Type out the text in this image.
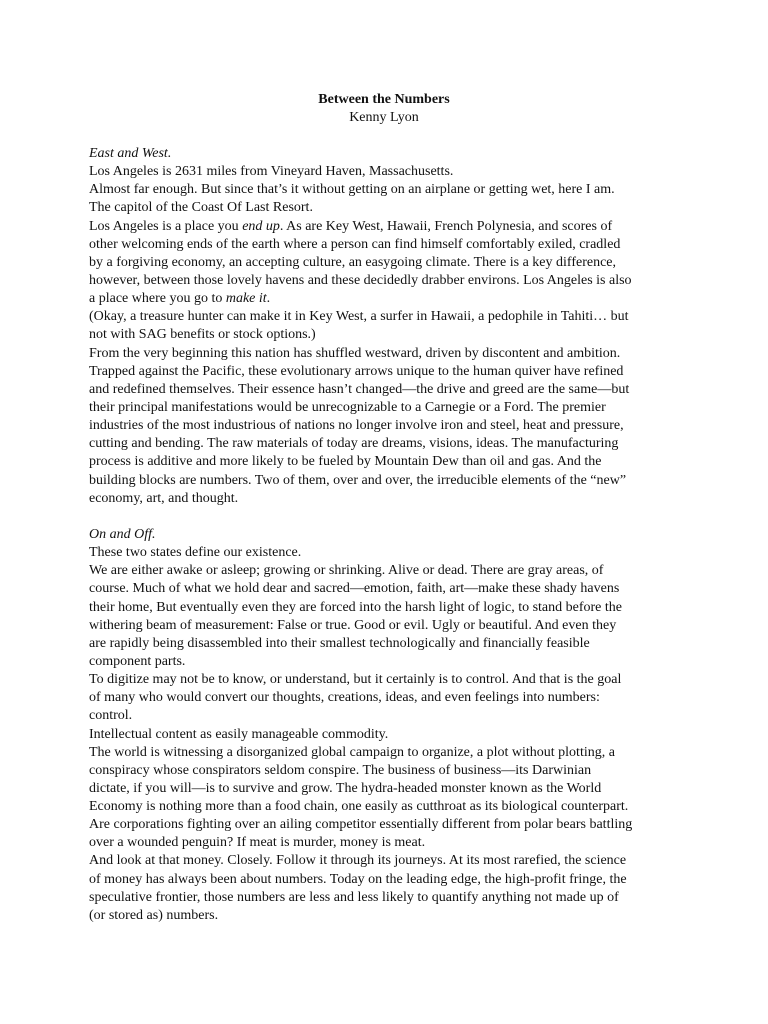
Between the Numbers

Kenny Lyon

East and West.
Los Angeles is 2631 miles from Vineyard Haven, Massachusetts.
Almost far enough. But since that’s it without getting on an airplane or getting wet, here I am.
The capitol of the Coast Of Last Resort.
Los Angeles is a place you end up. As are Key West, Hawaii, French Polynesia, and scores of
other welcoming ends of the earth where a person can find himself comfortably exiled, cradled
by a forgiving economy, an accepting culture, an easygoing climate. There is a key difference,
however, between those lovely havens and these decidedly drabber environs. Los Angeles is also
a place where you go to make it.
(Okay, a treasure hunter can make it in Key West, a surfer in Hawaii, a pedophile in Tahiti… but
not with SAG benefits or stock options.)
From the very beginning this nation has shuffled westward, driven by discontent and ambition.
Trapped against the Pacific, these evolutionary arrows unique to the human quiver have refined
and redefined themselves. Their essence hasn’t changed—the drive and greed are the same—but
their principal manifestations would be unrecognizable to a Carnegie or a Ford. The premier
industries of the most industrious of nations no longer involve iron and steel, heat and pressure,
cutting and bending. The raw materials of today are dreams, visions, ideas. The manufacturing
process is additive and more likely to be fueled by Mountain Dew than oil and gas. And the
building blocks are numbers. Two of them, over and over, the irreducible elements of the “new”
economy, art, and thought.
On and Off.
These two states define our existence.
We are either awake or asleep; growing or shrinking. Alive or dead. There are gray areas, of
course. Much of what we hold dear and sacred—emotion, faith, art—make these shady havens
their home, But eventually even they are forced into the harsh light of logic, to stand before the
withering beam of measurement: False or true. Good or evil. Ugly or beautiful. And even they
are rapidly being disassembled into their smallest technologically and financially feasible
component parts.
To digitize may not be to know, or understand, but it certainly is to control. And that is the goal
of many who would convert our thoughts, creations, ideas, and even feelings into numbers:
control.
Intellectual content as easily manageable commodity.
The world is witnessing a disorganized global campaign to organize, a plot without plotting, a
conspiracy whose conspirators seldom conspire. The business of business—its Darwinian
dictate, if you will—is to survive and grow. The hydra-headed monster known as the World
Economy is nothing more than a food chain, one easily as cutthroat as its biological counterpart.
Are corporations fighting over an ailing competitor essentially different from polar bears battling
over a wounded penguin? If meat is murder, money is meat.
And look at that money. Closely. Follow it through its journeys. At its most rarefied, the science
of money has always been about numbers. Today on the leading edge, the high-profit fringe, the
speculative frontier, those numbers are less and less likely to quantify anything not made up of
(or stored as) numbers.
